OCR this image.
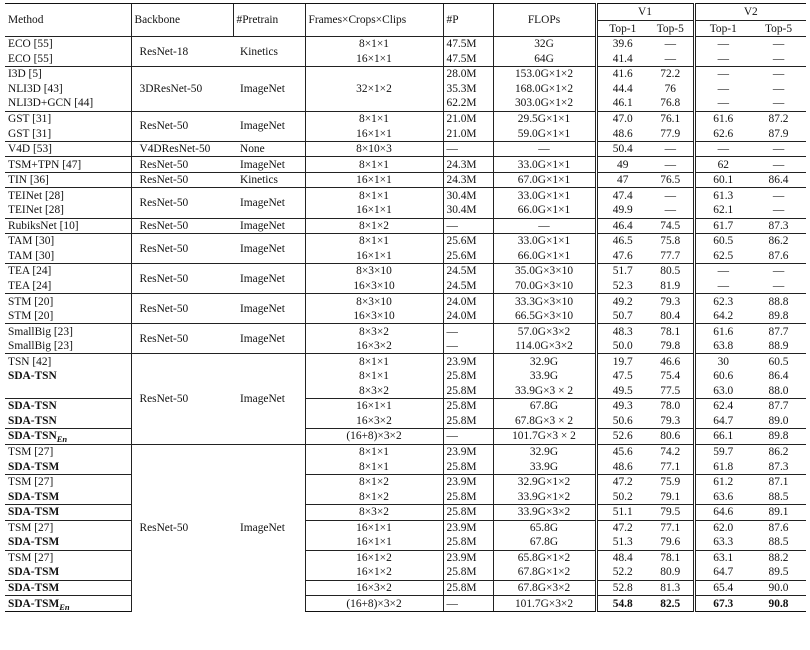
Method	Backbone	#Pretrain	Frames×Crops×Clips	#P	FLOPs	V1		V2	
						Top-1	Top-5	Top-1	Top-5
ECO [55]	ResNet-18	Kinetics	8×1×1	47.5M	32G	39.6	—	—	—
ECO [55]			16×1×1	47.5M	64G	41.4	—	—	—
I3D [5]	3DResNet-50	ImageNet	32×1×2	28.0M	153.0G×1×2	41.6	72.2	—	—
NLI3D [43]				35.3M	168.0G×1×2	44.4	76	—	—
NLI3D+GCN [44]				62.2M	303.0G×1×2	46.1	76.8	—	—
GST [31]	ResNet-50	ImageNet	8×1×1	21.0M	29.5G×1×1	47.0	76.1	61.6	87.2
GST [31]			16×1×1	21.0M	59.0G×1×1	48.6	77.9	62.6	87.9
V4D [53]	V4DResNet-50	None	8×10×3	—	—	50.4	—	—	—
TSM+TPN [47]	ResNet-50	ImageNet	8×1×1	24.3M	33.0G×1×1	49	—	62	—
TIN [36]	ResNet-50	Kinetics	16×1×1	24.3M	67.0G×1×1	47	76.5	60.1	86.4
TEINet [28]	ResNet-50	ImageNet	8×1×1	30.4M	33.0G×1×1	47.4	—	61.3	—
TEINet [28]			16×1×1	30.4M	66.0G×1×1	49.9	—	62.1	—
RubiksNet [10]	ResNet-50	ImageNet	8×1×2	—	—	46.4	74.5	61.7	87.3
TAM [30]	ResNet-50	ImageNet	8×1×1	25.6M	33.0G×1×1	46.5	75.8	60.5	86.2
TAM [30]			16×1×1	25.6M	66.0G×1×1	47.6	77.7	62.5	87.6
TEA [24]	ResNet-50	ImageNet	8×3×10	24.5M	35.0G×3×10	51.7	80.5	—	—
TEA [24]			16×3×10	24.5M	70.0G×3×10	52.3	81.9	—	—
STM [20]	ResNet-50	ImageNet	8×3×10	24.0M	33.3G×3×10	49.2	79.3	62.3	88.8
STM [20]			16×3×10	24.0M	66.5G×3×10	50.7	80.4	64.2	89.8
SmallBig [23]	ResNet-50	ImageNet	8×3×2	—	57.0G×3×2	48.3	78.1	61.6	87.7
SmallBig [23]			16×3×2	—	114.0G×3×2	50.0	79.8	63.8	88.9
TSN [42]	ResNet-50	ImageNet	8×1×1	23.9M	32.9G	19.7	46.6	30	60.5
SDA-TSN			8×1×1	25.8M	33.9G	47.5	75.4	60.6	86.4
			8×3×2	25.8M	33.9G×3 × 2	49.5	77.5	63.0	88.0
SDA-TSN			16×1×1	25.8M	67.8G	49.3	78.0	62.4	87.7
SDA-TSN			16×3×2	25.8M	67.8G×3 × 2	50.6	79.3	64.7	89.0
SDA-$TSN_{En}$			(16+8)×3×2	—	101.7G×3 × 2	52.6	80.6	66.1	89.8
TSM [27]	ResNet-50	ImageNet	8×1×1	23.9M	32.9G	45.6	74.2	59.7	86.2
SDA-TSM			8×1×1	25.8M	33.9G	48.6	77.1	61.8	87.3
TSM [27]			8×1×2	23.9M	32.9G×1×2	47.2	75.9	61.2	87.1
SDA-TSM			8×1×2	25.8M	33.9G×1×2	50.2	79.1	63.6	88.5
SDA-TSM			8×3×2	25.8M	33.9G×3×2	51.1	79.5	64.6	89.1
TSM [27]			16×1×1	23.9M	65.8G	47.2	77.1	62.0	87.6
SDA-TSM			16×1×1	25.8M	67.8G	51.3	79.6	63.3	88.5
TSM [27]			16×1×2	23.9M	65.8G×1×2	48.4	78.1	63.1	88.2
SDA-TSM			16×1×2	25.8M	67.8G×1×2	52.2	80.9	64.7	89.5
SDA-TSM			16×3×2	25.8M	67.8G×3×2	52.8	81.3	65.4	90.0
SDA-$TSM_{En}$			(16+8)×3×2	—	101.7G×3×2	54.8	82.5	67.3	90.8
